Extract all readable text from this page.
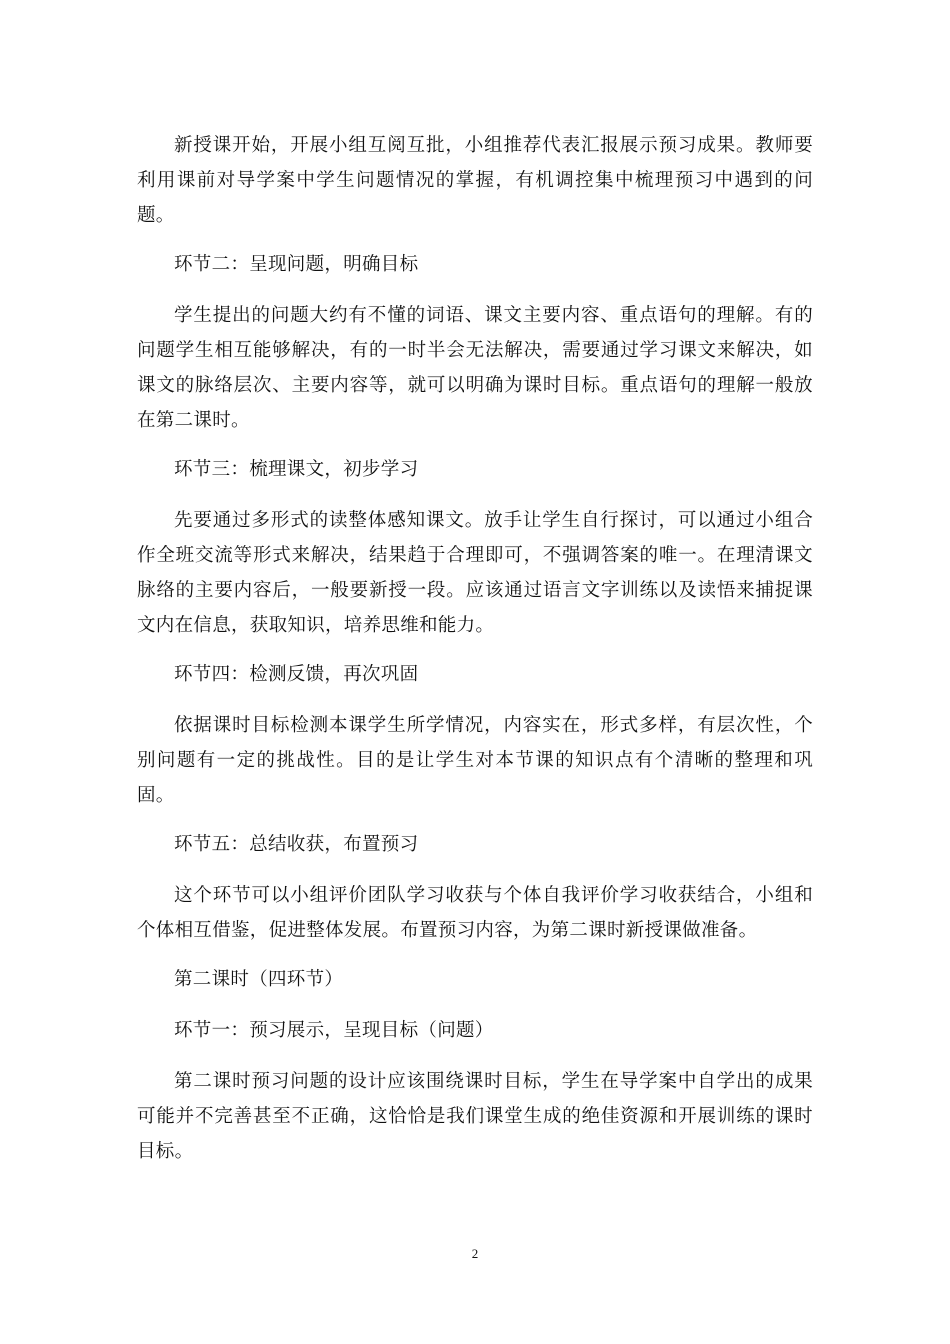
新授课开始，开展小组互阅互批，小组推荐代表汇报展示预习成果。教师要利用课前对导学案中学生问题情况的掌握，有机调控集中梳理预习中遇到的问题。

环节二：呈现问题，明确目标

学生提出的问题大约有不懂的词语、课文主要内容、重点语句的理解。有的问题学生相互能够解决，有的一时半会无法解决，需要通过学习课文来解决，如课文的脉络层次、主要内容等，就可以明确为课时目标。重点语句的理解一般放在第二课时。

环节三：梳理课文，初步学习

先要通过多形式的读整体感知课文。放手让学生自行探讨，可以通过小组合作全班交流等形式来解决，结果趋于合理即可，不强调答案的唯一。在理清课文脉络的主要内容后，一般要新授一段。应该通过语言文字训练以及读悟来捕捉课文内在信息，获取知识，培养思维和能力。

环节四：检测反馈，再次巩固

依据课时目标检测本课学生所学情况，内容实在，形式多样，有层次性，个别问题有一定的挑战性。目的是让学生对本节课的知识点有个清晰的整理和巩固。

环节五：总结收获，布置预习

这个环节可以小组评价团队学习收获与个体自我评价学习收获结合，小组和个体相互借鉴，促进整体发展。布置预习内容，为第二课时新授课做准备。

第二课时（四环节）

环节一：预习展示，呈现目标（问题）

第二课时预习问题的设计应该围绕课时目标，学生在导学案中自学出的成果可能并不完善甚至不正确，这恰恰是我们课堂生成的绝佳资源和开展训练的课时目标。

2
